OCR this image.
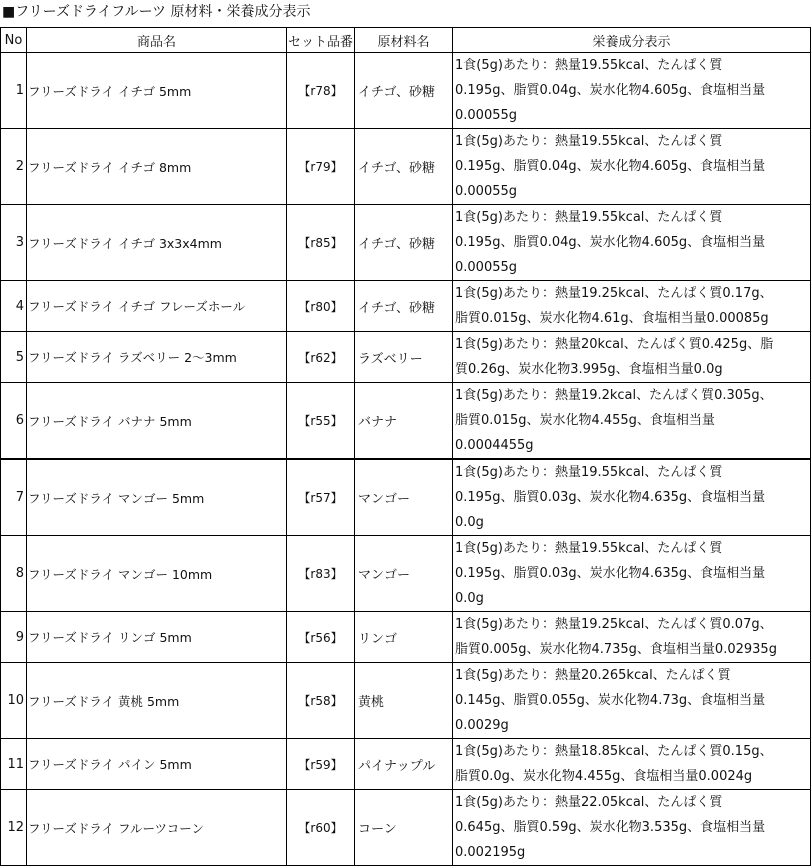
■フリーズドライフルーツ 原材料・栄養成分表示
No	商品名	セット品番	原材料名	栄養成分表示
1	フリーズドライ イチゴ 5mm	【r78】	イチゴ、砂糖	1食(5g)あたり：熱量19.55kcal、たんぱく質
0.195g、脂質0.04g、炭水化物4.605g、食塩相当量
0.00055g

2	フリーズドライ イチゴ 8mm	【r79】	イチゴ、砂糖	1食(5g)あたり：熱量19.55kcal、たんぱく質
0.195g、脂質0.04g、炭水化物4.605g、食塩相当量
0.00055g

3	フリーズドライ イチゴ 3x3x4mm	【r85】	イチゴ、砂糖	1食(5g)あたり：熱量19.55kcal、たんぱく質
0.195g、脂質0.04g、炭水化物4.605g、食塩相当量
0.00055g

4	フリーズドライ イチゴ フレーズホール	【r80】	イチゴ、砂糖	1食(5g)あたり：熱量19.25kcal、たんぱく質0.17g、
脂質0.015g、炭水化物4.61g、食塩相当量0.00085g

5	フリーズドライ ラズベリー 2～3mm	【r62】	ラズベリー	1食(5g)あたり：熱量20kcal、たんぱく質0.425g、脂
質0.26g、炭水化物3.995g、食塩相当量0.0g

6	フリーズドライ バナナ 5mm	【r55】	バナナ	1食(5g)あたり：熱量19.2kcal、たんぱく質0.305g、
脂質0.015g、炭水化物4.455g、食塩相当量
0.0004455g

7	フリーズドライ マンゴー 5mm	【r57】	マンゴー	1食(5g)あたり：熱量19.55kcal、たんぱく質
0.195g、脂質0.03g、炭水化物4.635g、食塩相当量
0.0g

8	フリーズドライ マンゴー 10mm	【r83】	マンゴー	1食(5g)あたり：熱量19.55kcal、たんぱく質
0.195g、脂質0.03g、炭水化物4.635g、食塩相当量
0.0g

9	フリーズドライ リンゴ 5mm	【r56】	リンゴ	1食(5g)あたり：熱量19.25kcal、たんぱく質0.07g、
脂質0.005g、炭水化物4.735g、食塩相当量0.02935g

10	フリーズドライ 黄桃 5mm	【r58】	黄桃	1食(5g)あたり：熱量20.265kcal、たんぱく質
0.145g、脂質0.055g、炭水化物4.73g、食塩相当量
0.0029g

11	フリーズドライ パイン 5mm	【r59】	パイナップル	1食(5g)あたり：熱量18.85kcal、たんぱく質0.15g、
脂質0.0g、炭水化物4.455g、食塩相当量0.0024g

12	フリーズドライ フルーツコーン	【r60】	コーン	1食(5g)あたり：熱量22.05kcal、たんぱく質
0.645g、脂質0.59g、炭水化物3.535g、食塩相当量
0.002195g
